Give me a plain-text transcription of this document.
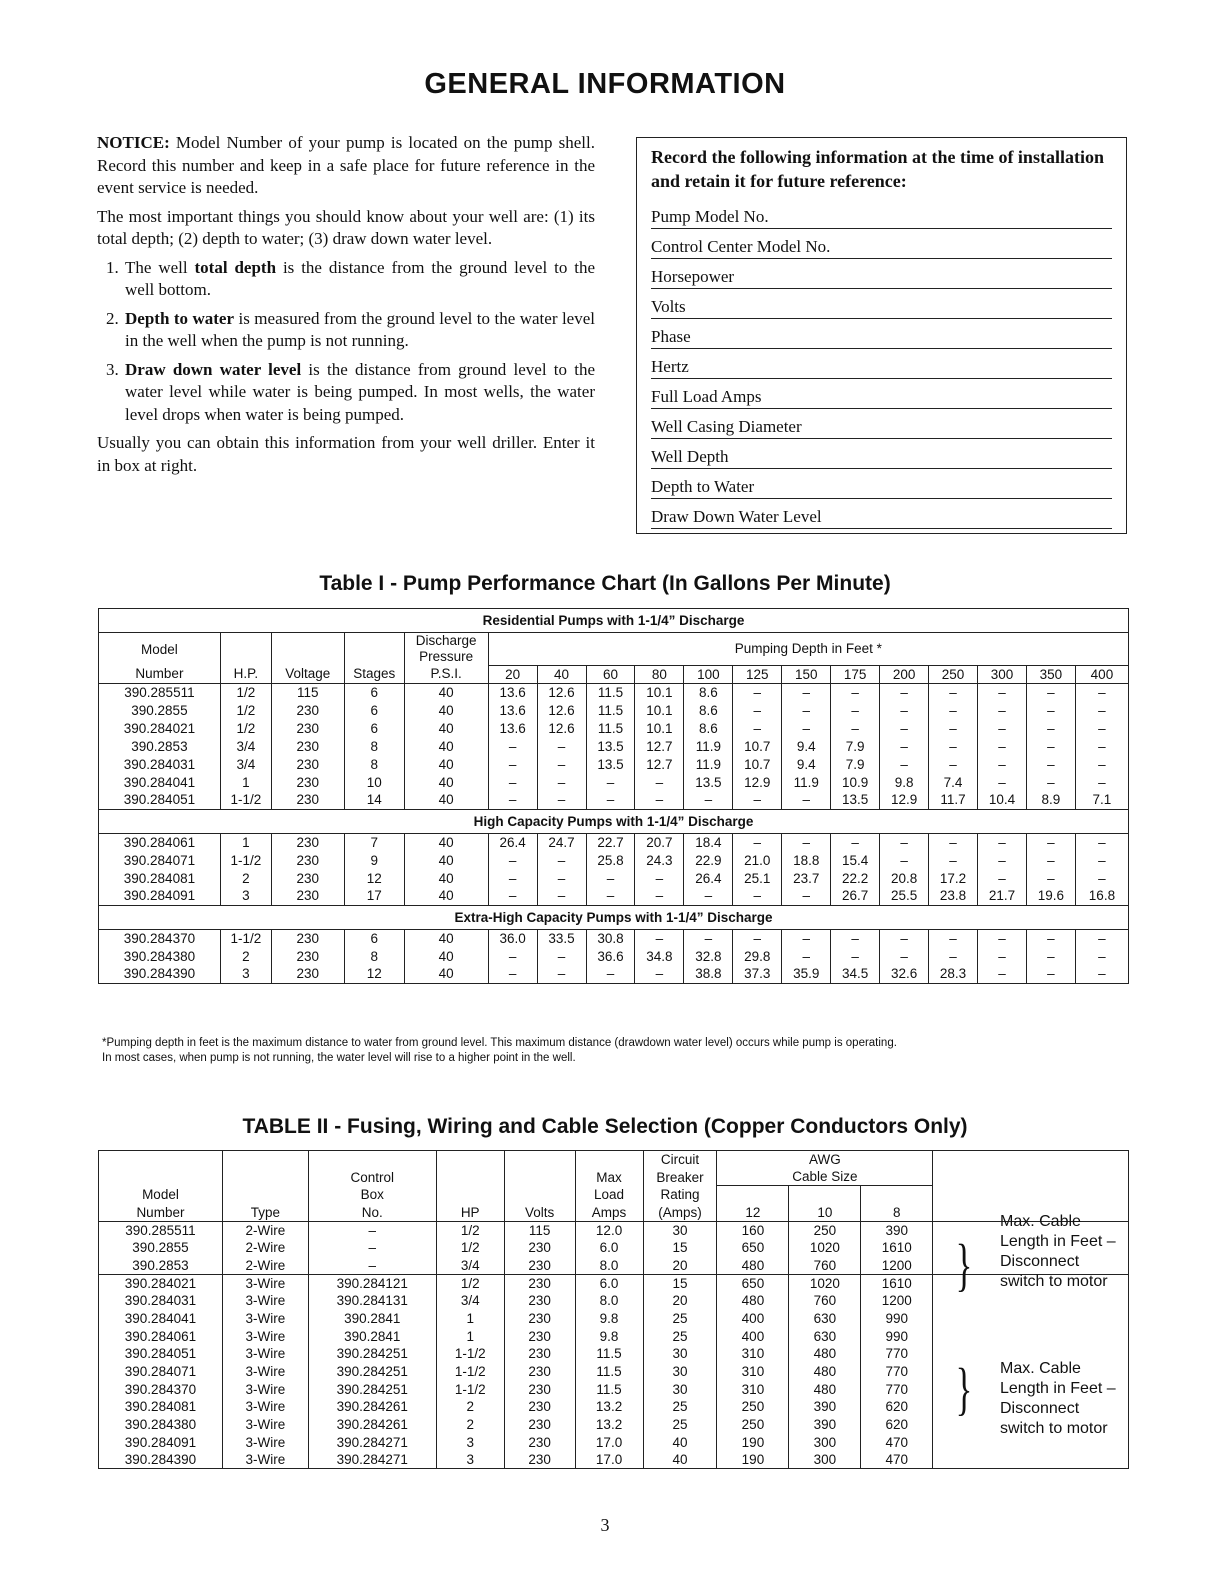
GENERAL INFORMATION

NOTICE: Model Number of your pump is located on the pump shell. Record this number and keep in a safe place for future reference in the event service is needed.

The most important things you should know about your well are: (1) its total depth; (2) depth to water; (3) draw down water level.

1. The well total depth is the distance from the ground level to the well bottom.
2. Depth to water is measured from the ground level to the water level in the well when the pump is not running.
3. Draw down water level is the distance from ground level to the water level while water is being pumped. In most wells, the water level drops when water is being pumped.

Usually you can obtain this information from your well driller. Enter it in box at right.

Record the following information at the time of installation and retain it for future reference:
Pump Model No.
Control Center Model No.
Horsepower
Volts
Phase
Hertz
Full Load Amps
Well Casing Diameter
Well Depth
Depth to Water
Draw Down Water Level
Table I - Pump Performance Chart (In Gallons Per Minute)
Residential Pumps with 1-1/4” Discharge																	
Model				Discharge
Pressure	Pumping Depth in Feet *												
Number	H.P.	Voltage	Stages	P.S.I.	20	40	60	80	100	125	150	175	200	250	300	350	400
390.285511	1/2	115	6	40	13.6	12.6	11.5	10.1	8.6	–	–	–	–	–	–	–	–
390.2855	1/2	230	6	40	13.6	12.6	11.5	10.1	8.6	–	–	–	–	–	–	–	–
390.284021	1/2	230	6	40	13.6	12.6	11.5	10.1	8.6	–	–	–	–	–	–	–	–
390.2853	3/4	230	8	40	–	–	13.5	12.7	11.9	10.7	9.4	7.9	–	–	–	–	–
390.284031	3/4	230	8	40	–	–	13.5	12.7	11.9	10.7	9.4	7.9	–	–	–	–	–
390.284041	1	230	10	40	–	–	–	–	13.5	12.9	11.9	10.9	9.8	7.4	–	–	–
390.284051	1-1/2	230	14	40	–	–	–	–	–	–	–	13.5	12.9	11.7	10.4	8.9	7.1
High Capacity Pumps with 1-1/4” Discharge																	
390.284061	1	230	7	40	26.4	24.7	22.7	20.7	18.4	–	–	–	–	–	–	–	–
390.284071	1-1/2	230	9	40	–	–	25.8	24.3	22.9	21.0	18.8	15.4	–	–	–	–	–
390.284081	2	230	12	40	–	–	–	–	26.4	25.1	23.7	22.2	20.8	17.2	–	–	–
390.284091	3	230	17	40	–	–	–	–	–	–	–	26.7	25.5	23.8	21.7	19.6	16.8
Extra-High Capacity Pumps with 1-1/4” Discharge																	
390.284370	1-1/2	230	6	40	36.0	33.5	30.8	–	–	–	–	–	–	–	–	–	–
390.284380	2	230	8	40	–	–	36.6	34.8	32.8	29.8	–	–	–	–	–	–	–
390.284390	3	230	12	40	–	–	–	–	38.8	37.3	35.9	34.5	32.6	28.3	–	–	–
*Pumping depth in feet is the maximum distance to water from ground level. This maximum distance (drawdown water level) occurs while pump is operating.
In most cases, when pump is not running, the water level will rise to a higher point in the well.
TABLE II - Fusing, Wiring and Cable Selection (Copper Conductors Only)
						Circuit	AWG			
		Control			Max	Breaker	Cable Size			
Model		Box			Load	Rating				
Number	Type	No.	HP	Volts	Amps	(Amps)	12	10	8	
390.285511	2-Wire	–	1/2	115	12.0	30	160	250	390	
390.2855	2-Wire	–	1/2	230	6.0	15	650	1020	1610	
390.2853	2-Wire	–	3/4	230	8.0	20	480	760	1200	
390.284021	3-Wire	390.284121	1/2	230	6.0	15	650	1020	1610	
390.284031	3-Wire	390.284131	3/4	230	8.0	20	480	760	1200	
390.284041	3-Wire	390.2841	1	230	9.8	25	400	630	990	
390.284061	3-Wire	390.2841	1	230	9.8	25	400	630	990	
390.284051	3-Wire	390.284251	1-1/2	230	11.5	30	310	480	770	
390.284071	3-Wire	390.284251	1-1/2	230	11.5	30	310	480	770	
390.284370	3-Wire	390.284251	1-1/2	230	11.5	30	310	480	770	
390.284081	3-Wire	390.284261	2	230	13.2	25	250	390	620	
390.284380	3-Wire	390.284261	2	230	13.2	25	250	390	620	
390.284091	3-Wire	390.284271	3	230	17.0	40	190	300	470	
390.284390	3-Wire	390.284271	3	230	17.0	40	190	300	470	
}
Max. Cable
Length in Feet –
Disconnect
switch to motor
} Max. Cable
Length in Feet –
Disconnect
switch to motor
3
